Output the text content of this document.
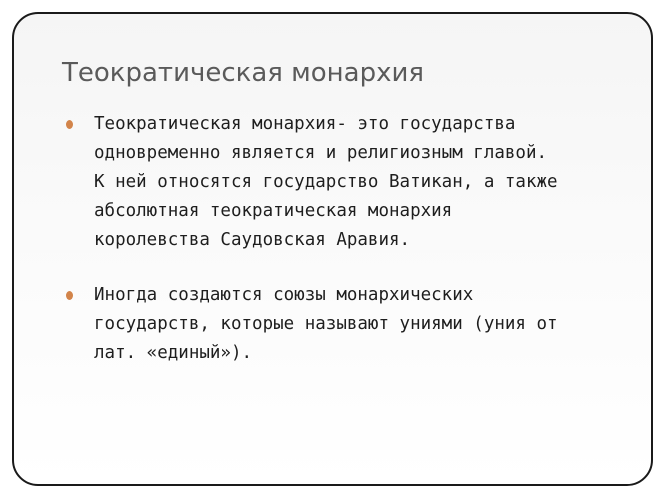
Теократическая монархия
Теократическая монархия- это государства
одновременно является и религиозным главой.
К ней относятся государство Ватикан, а также
абсолютная теократическая монархия
королевства Саудовская Аравия.
Иногда создаются союзы монархических
государств, которые называют униями (уния от
лат. «единый»).
